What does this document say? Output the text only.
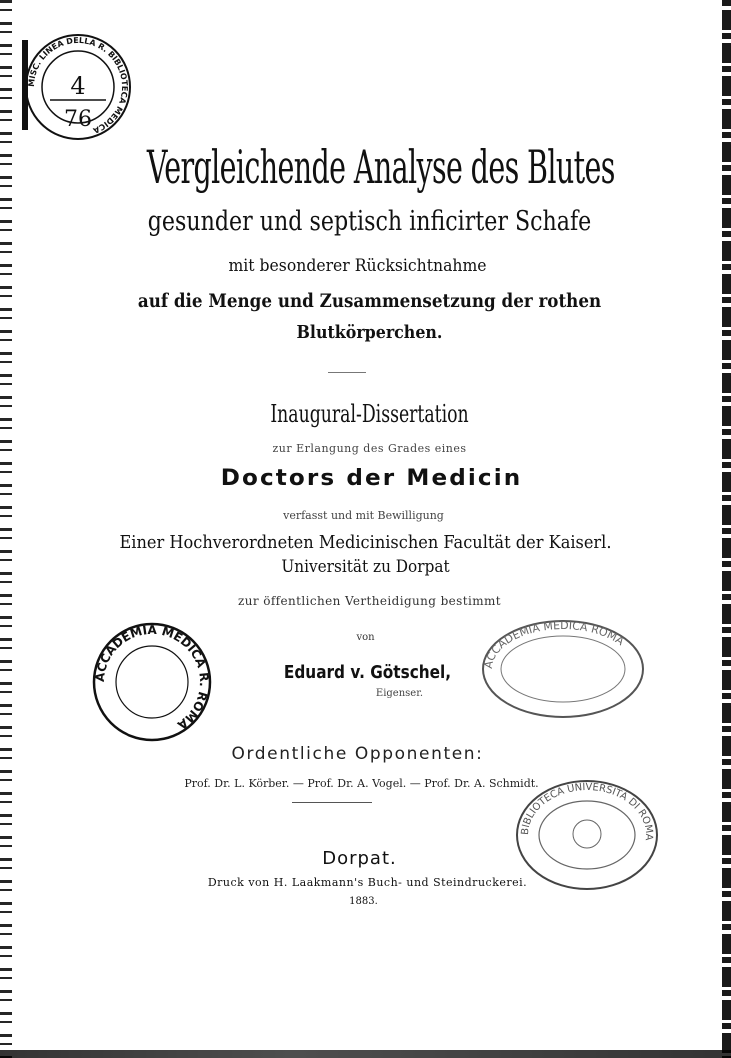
4
76
MISC. LINEA DELLA R. BIBLIOTECA MEDICA
ACCADEMIA MEDICA R. ROMA
ACCADEMIA MEDICA ROMA
BIBLIOTECA UNIVERSITÀ DI ROMA
Vergleichende Analyse des Blutes
gesunder und septisch inficirter Schafe
mit besonderer Rücksichtnahme
auf die Menge und Zusammensetzung der rothen
Blutkörperchen.
Inaugural-Dissertation
zur Erlangung des Grades eines
Doctors der Medicin
verfasst und mit Bewilligung
Einer Hochverordneten Medicinischen Facultät der Kaiserl.
Universität zu Dorpat
zur öffentlichen Vertheidigung bestimmt
von
Eduard v. Götschel,
Eigenser.
Ordentliche Opponenten:
Prof. Dr. L. Körber. — Prof. Dr. A. Vogel. — Prof. Dr. A. Schmidt.
Dorpat.
Druck von H. Laakmann's Buch- und Steindruckerei.
1883.
